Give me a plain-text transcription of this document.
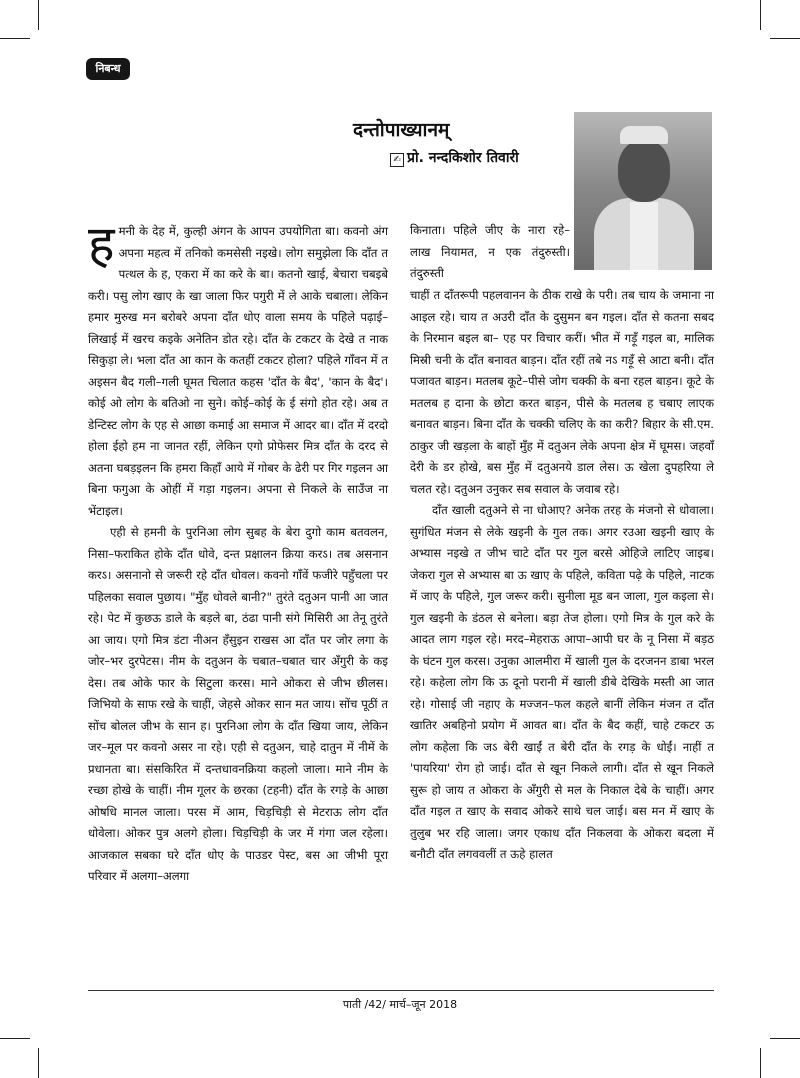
निबन्ध
दन्तोपाख्यानम्
✍ प्रो. नन्दकिशोर तिवारी

हमनी के देह में, कुल्ही अंगन के आपन उपयोगिता बा। कवनो अंग अपना महत्व में तनिको कमसेसी नइखे। लोग समुझेला कि दाँत त पत्थल के ह, एकरा में का करे के बा। कतनो खाई, बेचारा चबइबे करी। पसु लोग खाए के खा जाला फिर पगुरी में ले आके चबाला। लेकिन हमार मुरुख मन बरोबरे अपना दाँत धोए वाला समय के पहिले पढ़ाई–लिखाई में खरच कइके अनेतिन डोत रहे। दाँत के टकटर के देखे त नाक सिकुड़ा ले। भला दाँत आ कान के कतहीं टकटर होला? पहिले गाँवन में त अइसन बैद गली–गली घूमत चिलात कहस 'दाँत के बैद', 'कान के बैद'। कोई ओ लोग के बतिओ ना सुने। कोई–कोई के ई संगो होत रहे। अब त डेन्टिस्ट लोग के एह से आछा कमाई आ समाज में आदर बा। दाँत में दरदो होला ईहो हम ना जानत रहीं, लेकिन एगो प्रोफेसर मित्र दाँत के दरद से अतना घबड़इलन कि हमरा किहाँ आये में गोबर के ढेरी पर गिर गइलन आ बिना फगुआ के ओहीं में गड़ा गइलन। अपना से निकले के साउँज ना भेंटाइल।

एही से हमनी के पुरनिआ लोग सुबह के बेरा दुगो काम बतवलन, निसा–फराकित होके दाँत धोवे, दन्त प्रक्षालन क्रिया करऽ। तब असनान करऽ। असनानो से जरूरी रहे दाँत धोवल। कवनो गाँवें फजीरे पहुँचला पर पहिलका सवाल पुछाय। "मुँह धोवले बानी?" तुरंते दतुअन पानी आ जात रहे। पेट में कुछऊ डाले के बड़ले बा, ठंढा पानी संगे मिसिरी आ तेनू तुरंते आ जाय। एगो मित्र डंटा नीअन हँसुइन राखस आ दाँत पर जोर लगा के जोर–भर दुरपेटस। नीम के दतुअन के चबात–चबात चार अँगुरी के कइ देस। तब ओके फार के सिटुला करस। माने ओकरा से जीभ छीलस। जिभियो के साफ रखे के चाहीं, जेहसे ओकर सान मत जाय। सोंच पूठीं त सोंच बोलल जीभ के सान ह। पुरनिआ लोग के दाँत खिया जाय, लेकिन जर–मूल पर कवनो असर ना रहे। एही से दतुअन, चाहे दातुन में नीमें के प्रधानता बा। संसकिरित में दन्तधावनक्रिया कहलो जाला। माने नीम के रच्छा होखे के चाहीं। नीम गूलर के छरका (टहनी) दाँत के रगड़े के आछा ओषधि मानल जाला। परस में आम, चिड़चिड़ी से मेटराऊ लोग दाँत धोवेला। ओकर पुत्र अलगे होला। चिड़चिड़ी के जर में गंगा जल रहेला। आजकाल सबका घरे दाँत धोए के पाउडर पेस्ट, बस आ जीभी पूरा परिवार में अलगा–अलगा

किनाता। पहिले जीए के नारा रहे– लाख नियामत, न एक तंदुरुस्ती। तंदुरुस्ती

चाहीं त दाँतरूपी पहलवानन के ठीक राखे के परी। तब चाय के जमाना ना आइल रहे। चाय त अउरी दाँत के दुसुमन बन गइल। दाँत से कतना सबद के निरमान बइल बा– एह पर विचार करीं। भीत में गड़ूँ गइल बा, मालिक मिस्री चनी के दाँत बनावत बाड़न। दाँत रहीं तबे नऽ गड़ूँ से आटा बनी। दाँत पजावत बाड़न। मतलब कूटे–पीसे जोग चक्की के बना रहल बाड़न। कूटे के मतलब ह दाना के छोटा करत बाड़न, पीसे के मतलब ह चबाए लाएक बनावत बाड़न। बिना दाँत के चक्की चलिए के का करी? बिहार के सी.एम. ठाकुर जी खड़ला के बाहों मुँह में दतुअन लेके अपना क्षेत्र में घूमस। जहवाँ देरी के डर होखे, बस मुँह में दतुअनये डाल लेस। ऊ खेला दुपहरिया ले चलत रहे। दतुअन उनुकर सब सवाल के जवाब रहे।

दाँत खाली दतुअने से ना धोआए? अनेक तरह के मंजनो से धोवाला। सुगंधित मंजन से लेके खइनी के गुल तक। अगर रउआ खइनी खाए के अभ्यास नइखे त जीभ चाटे दाँत पर गुल बरसे ओहिजे लाटिए जाइब। जेकरा गुल से अभ्यास बा ऊ खाए के पहिले, कविता पढ़े के पहिले, नाटक में जाए के पहिले, गुल जरूर करी। सुनीला मूड बन जाला, गुल कइला से। गुल खइनी के डंठल से बनेला। बड़ा तेज होला। एगो मित्र के गुल करे के आदत लाग गइल रहे। मरद–मेहराऊ आपा–आपी घर के नू निसा में बड़ठ के घंटन गुल करस। उनुका आलमीरा में खाली गुल के दरजनन डाबा भरल रहे। कहेला लोग कि ऊ दूनो परानी में खाली डीबे देखिके मस्ती आ जात रहे। गोसाई जी नहाए के मज्जन–फल कहले बानीं लेकिन मंजन त दाँत खातिर अबहिनो प्रयोग में आवत बा। दाँत के बैद कहीं, चाहे टकटर ऊ लोग कहेला कि जऽ बेरी खाईं त बेरी दाँत के रगड़ के धोईं। नाहीं त 'पायरिया' रोग हो जाई। दाँत से खून निकले लागी। दाँत से खून निकले सुरू हो जाय त ओकरा के अँगुरी से मल के निकाल देबे के चाहीं। अगर दाँत गइल त खाए के सवाद ओकरे साथे चल जाई। बस मन में खाए के तुलुब भर रहि जाला। जगर एकाध दाँत निकलवा के ओकरा बदला में बनौटी दाँत लगववलीं त ऊहे हालत

पाती /42/ मार्च–जून 2018
